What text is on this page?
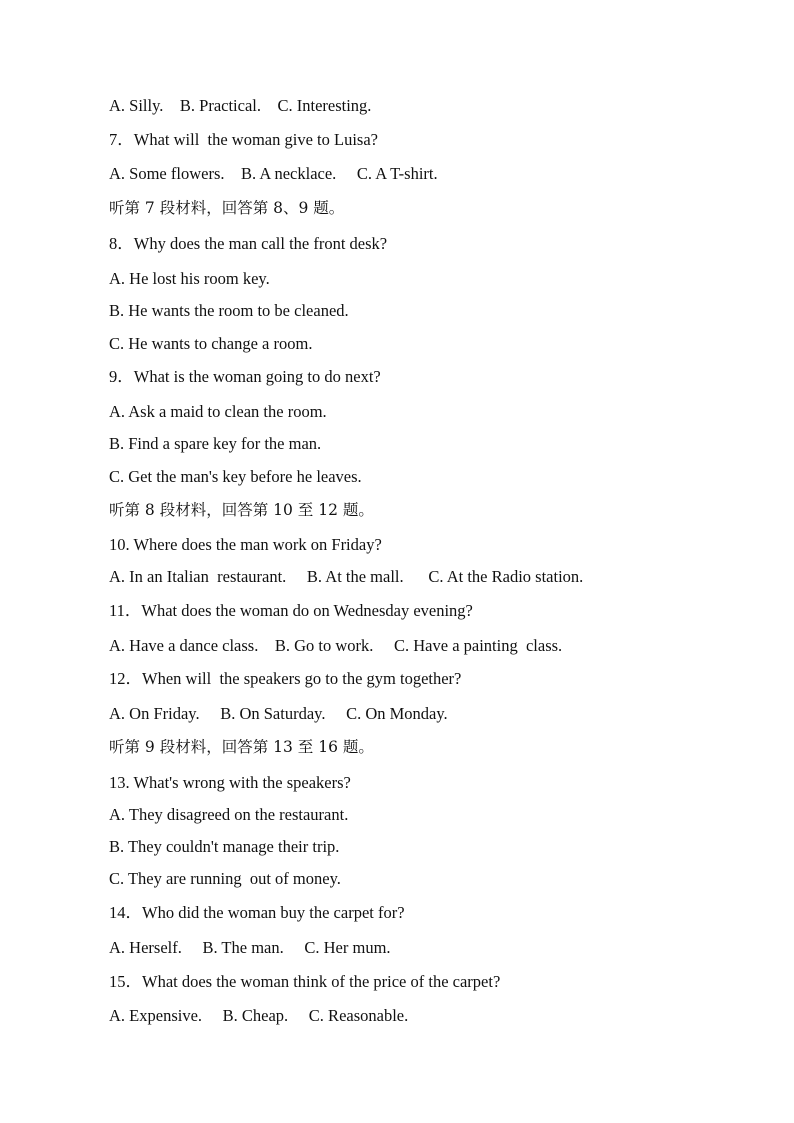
A. Silly.    B. Practical.    C. Interesting.
7．What will  the woman give to Luisa?
A. Some flowers.    B. A necklace.     C. A T-shirt.
听第 7 段材料，回答第 8、9 题。
8．Why does the man call the front desk?
A. He lost his room key.
B. He wants the room to be cleaned.
C. He wants to change a room.
9．What is the woman going to do next?
A. Ask a maid to clean the room.
B. Find a spare key for the man.
C. Get the man's key before he leaves.
听第 8 段材料，回答第 10 至 12 题。
10. Where does the man work on Friday?
A. In an Italian  restaurant.     B. At the mall.      C. At the Radio station.
11．What does the woman do on Wednesday evening?
A. Have a dance class.    B. Go to work.     C. Have a painting  class.
12．When will  the speakers go to the gym together?
A. On Friday.     B. On Saturday.     C. On Monday.
听第 9 段材料，回答第 13 至 16 题。
13. What's wrong with the speakers?
A. They disagreed on the restaurant.
B. They couldn't manage their trip.
C. They are running  out of money.
14．Who did the woman buy the carpet for?
A. Herself.     B. The man.     C. Her mum.
15．What does the woman think of the price of the carpet?
A. Expensive.     B. Cheap.     C. Reasonable.
